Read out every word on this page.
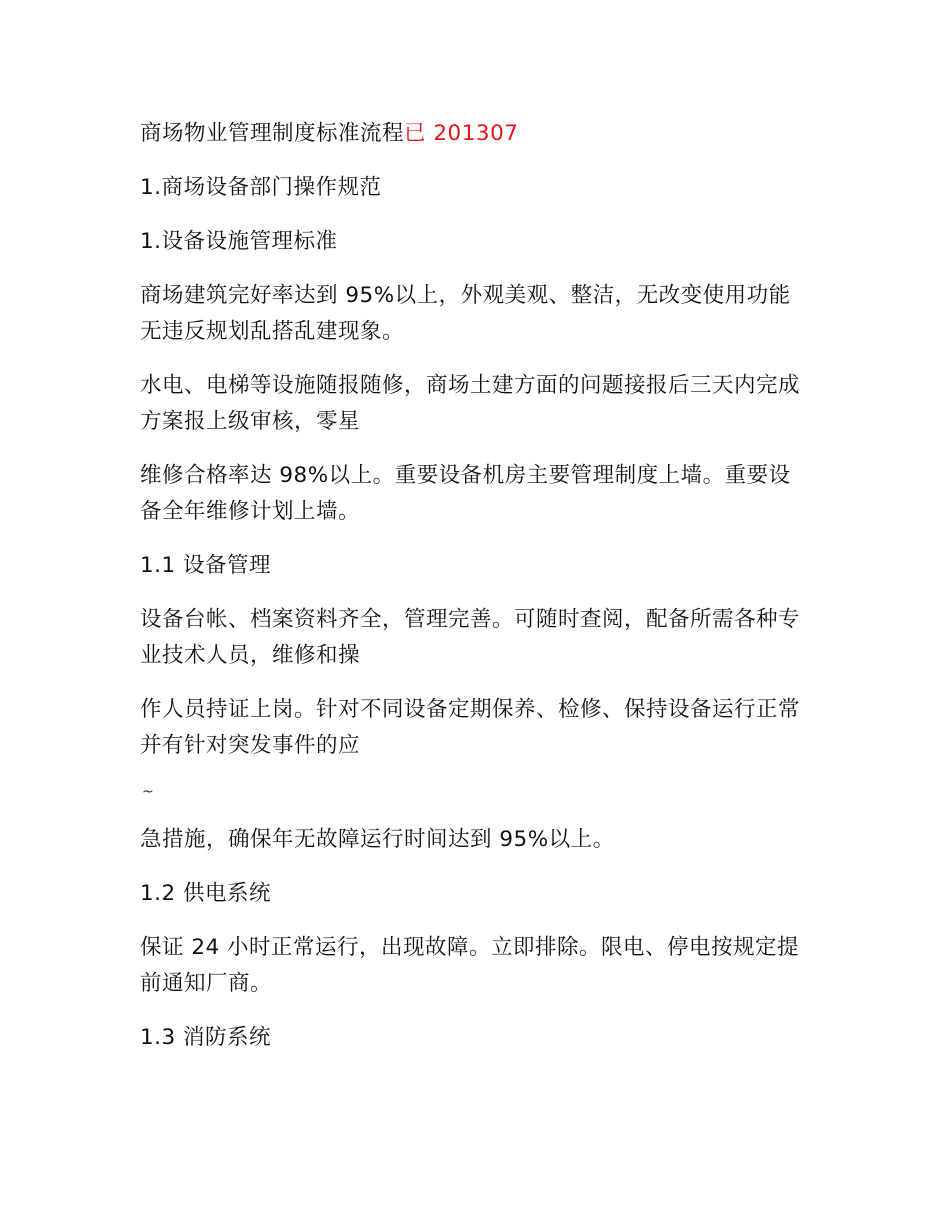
商场物业管理制度标准流程已 201307
1.商场设备部门操作规范
1.设备设施管理标准
商场建筑完好率达到 95%以上，外观美观、整洁，无改变使用功能无违反规划乱搭乱建现象。
水电、电梯等设施随报随修，商场土建方面的问题接报后三天内完成方案报上级审核，零星
维修合格率达 98%以上。重要设备机房主要管理制度上墙。重要设备全年维修计划上墙。
1.1 设备管理
设备台帐、档案资料齐全，管理完善。可随时查阅，配备所需各种专业技术人员，维修和操
作人员持证上岗。针对不同设备定期保养、检修、保持设备运行正常并有针对突发事件的应
~
急措施，确保年无故障运行时间达到 95%以上。
1.2 供电系统
保证 24 小时正常运行，出现故障。立即排除。限电、停电按规定提前通知厂商。
1.3 消防系统
